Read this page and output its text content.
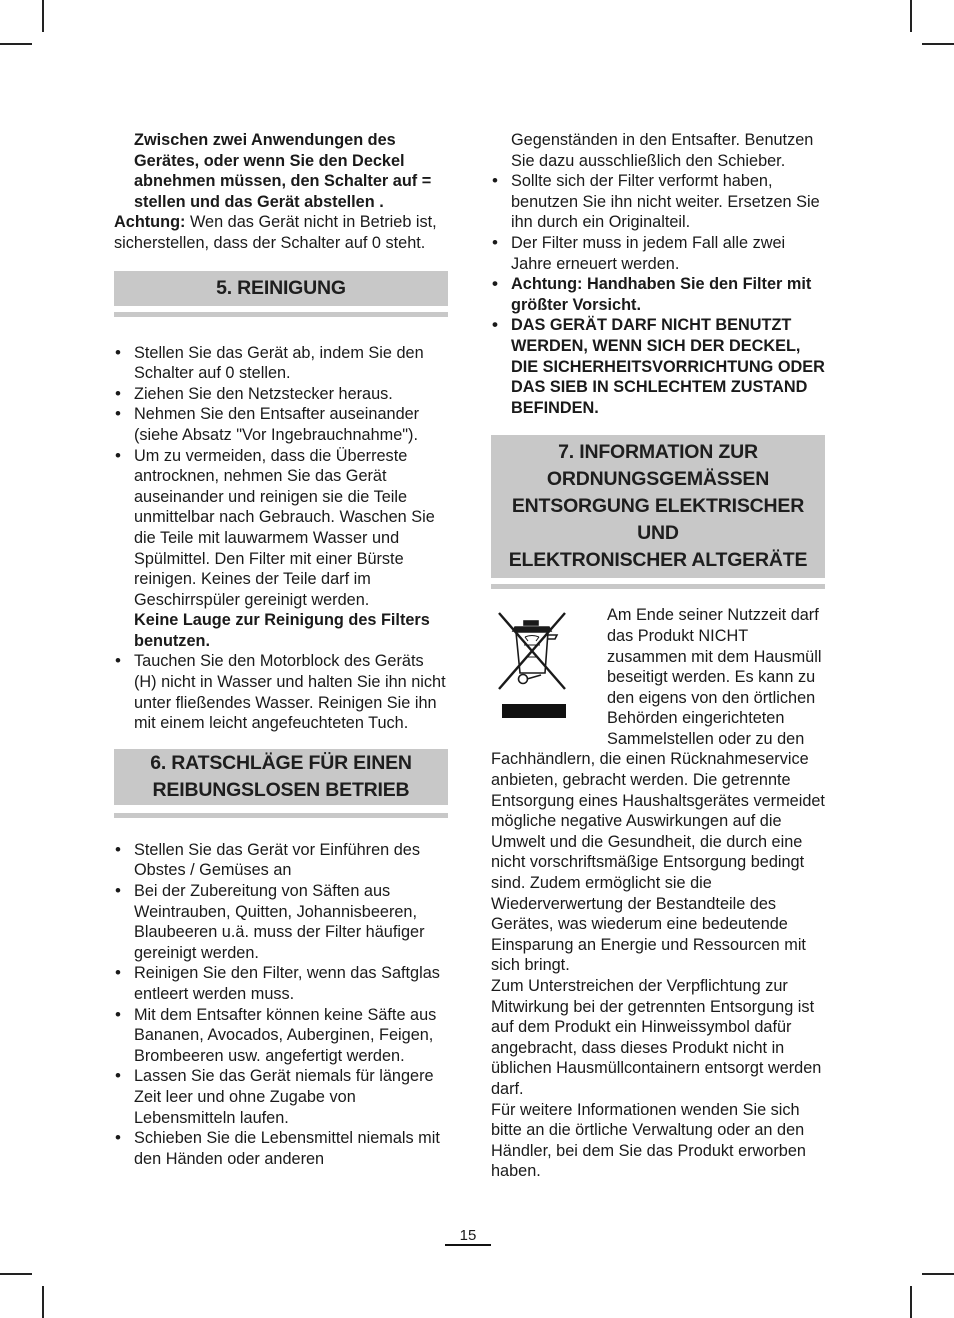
Zwischen zwei Anwendungen des Gerätes, oder wenn Sie den Deckel abnehmen müssen, den Schalter auf = stellen und das Gerät abstellen .

Achtung: Wen das Gerät nicht in Betrieb ist, sicherstellen, dass der Schalter auf 0 steht.

5. REINIGUNG
• Stellen Sie das Gerät ab, indem Sie den Schalter auf 0 stellen.
• Ziehen Sie den Netzstecker heraus.
• Nehmen Sie den Entsafter auseinander (siehe Absatz "Vor Ingebrauchnahme").
• Um zu vermeiden, dass die Überreste antrocknen, nehmen Sie das Gerät auseinander und reinigen sie die Teile unmittelbar nach Gebrauch. Waschen Sie die Teile mit lauwarmem Wasser und Spülmittel. Den Filter mit einer Bürste reinigen. Keines der Teile darf im Geschirrspüler gereinigt werden.
Keine Lauge zur Reinigung des Filters benutzen.
• Tauchen Sie den Motorblock des Geräts (H) nicht in Wasser und halten Sie ihn nicht unter fließendes Wasser. Reinigen Sie ihn mit einem leicht angefeuchteten Tuch.
6. RATSCHLÄGE FÜR EINEN
REIBUNGSLOSEN BETRIEB
• Stellen Sie das Gerät vor Einführen des Obstes / Gemüses an
• Bei der Zubereitung von Säften aus Weintrauben, Quitten, Johannisbeeren, Blaubeeren u.ä. muss der Filter häufiger gereinigt werden.
• Reinigen Sie den Filter, wenn das Saftglas entleert werden muss.
• Mit dem Entsafter können keine Säfte aus Bananen, Avocados, Auberginen, Feigen, Brombeeren usw. angefertigt werden.
• Lassen Sie das Gerät niemals für längere Zeit leer und ohne Zugabe von Lebensmitteln laufen.
• Schieben Sie die Lebensmittel niemals mit den Händen oder anderen

Gegenständen in den Entsafter. Benutzen Sie dazu ausschließlich den Schieber.

• Sollte sich der Filter verformt haben, benutzen Sie ihn nicht weiter. Ersetzen Sie ihn durch ein Originalteil.
• Der Filter muss in jedem Fall alle zwei Jahre erneuert werden.
• Achtung: Handhaben Sie den Filter mit größter Vorsicht.
• DAS GERÄT DARF NICHT BENUTZT WERDEN, WENN SICH DER DECKEL, DIE SICHERHEITSVORRICHTUNG ODER DAS SIEB IN SCHLECHTEM ZUSTAND BEFINDEN.
7. INFORMATION ZUR
ORDNUNGSGEMÄSSEN
ENTSORGUNG ELEKTRISCHER UND
ELEKTRONISCHER ALTGERÄTE

Am Ende seiner Nutzzeit darf das Produkt NICHT zusammen mit dem Hausmüll beseitigt werden. Es kann zu den eigens von den örtlichen Behörden eingerichteten Sammelstellen oder zu den Fachhändlern, die einen Rücknahmeservice anbieten, gebracht werden. Die getrennte Entsorgung eines Haushaltsgerätes vermeidet mögliche negative Auswirkungen auf die Umwelt und die Gesundheit, die durch eine nicht vorschriftsmäßige Entsorgung bedingt sind. Zudem ermöglicht sie die Wiederverwertung der Bestandteile des Gerätes, was wiederum eine bedeutende Einsparung an Energie und Ressourcen mit sich bringt.

Zum Unterstreichen der Verpflichtung zur Mitwirkung bei der getrennten Entsorgung ist auf dem Produkt ein Hinweissymbol dafür angebracht, dass dieses Produkt nicht in üblichen Hausmüllcontainern entsorgt werden darf.

Für weitere Informationen wenden Sie sich bitte an die örtliche Verwaltung oder an den Händler, bei dem Sie das Produkt erworben haben.

15
